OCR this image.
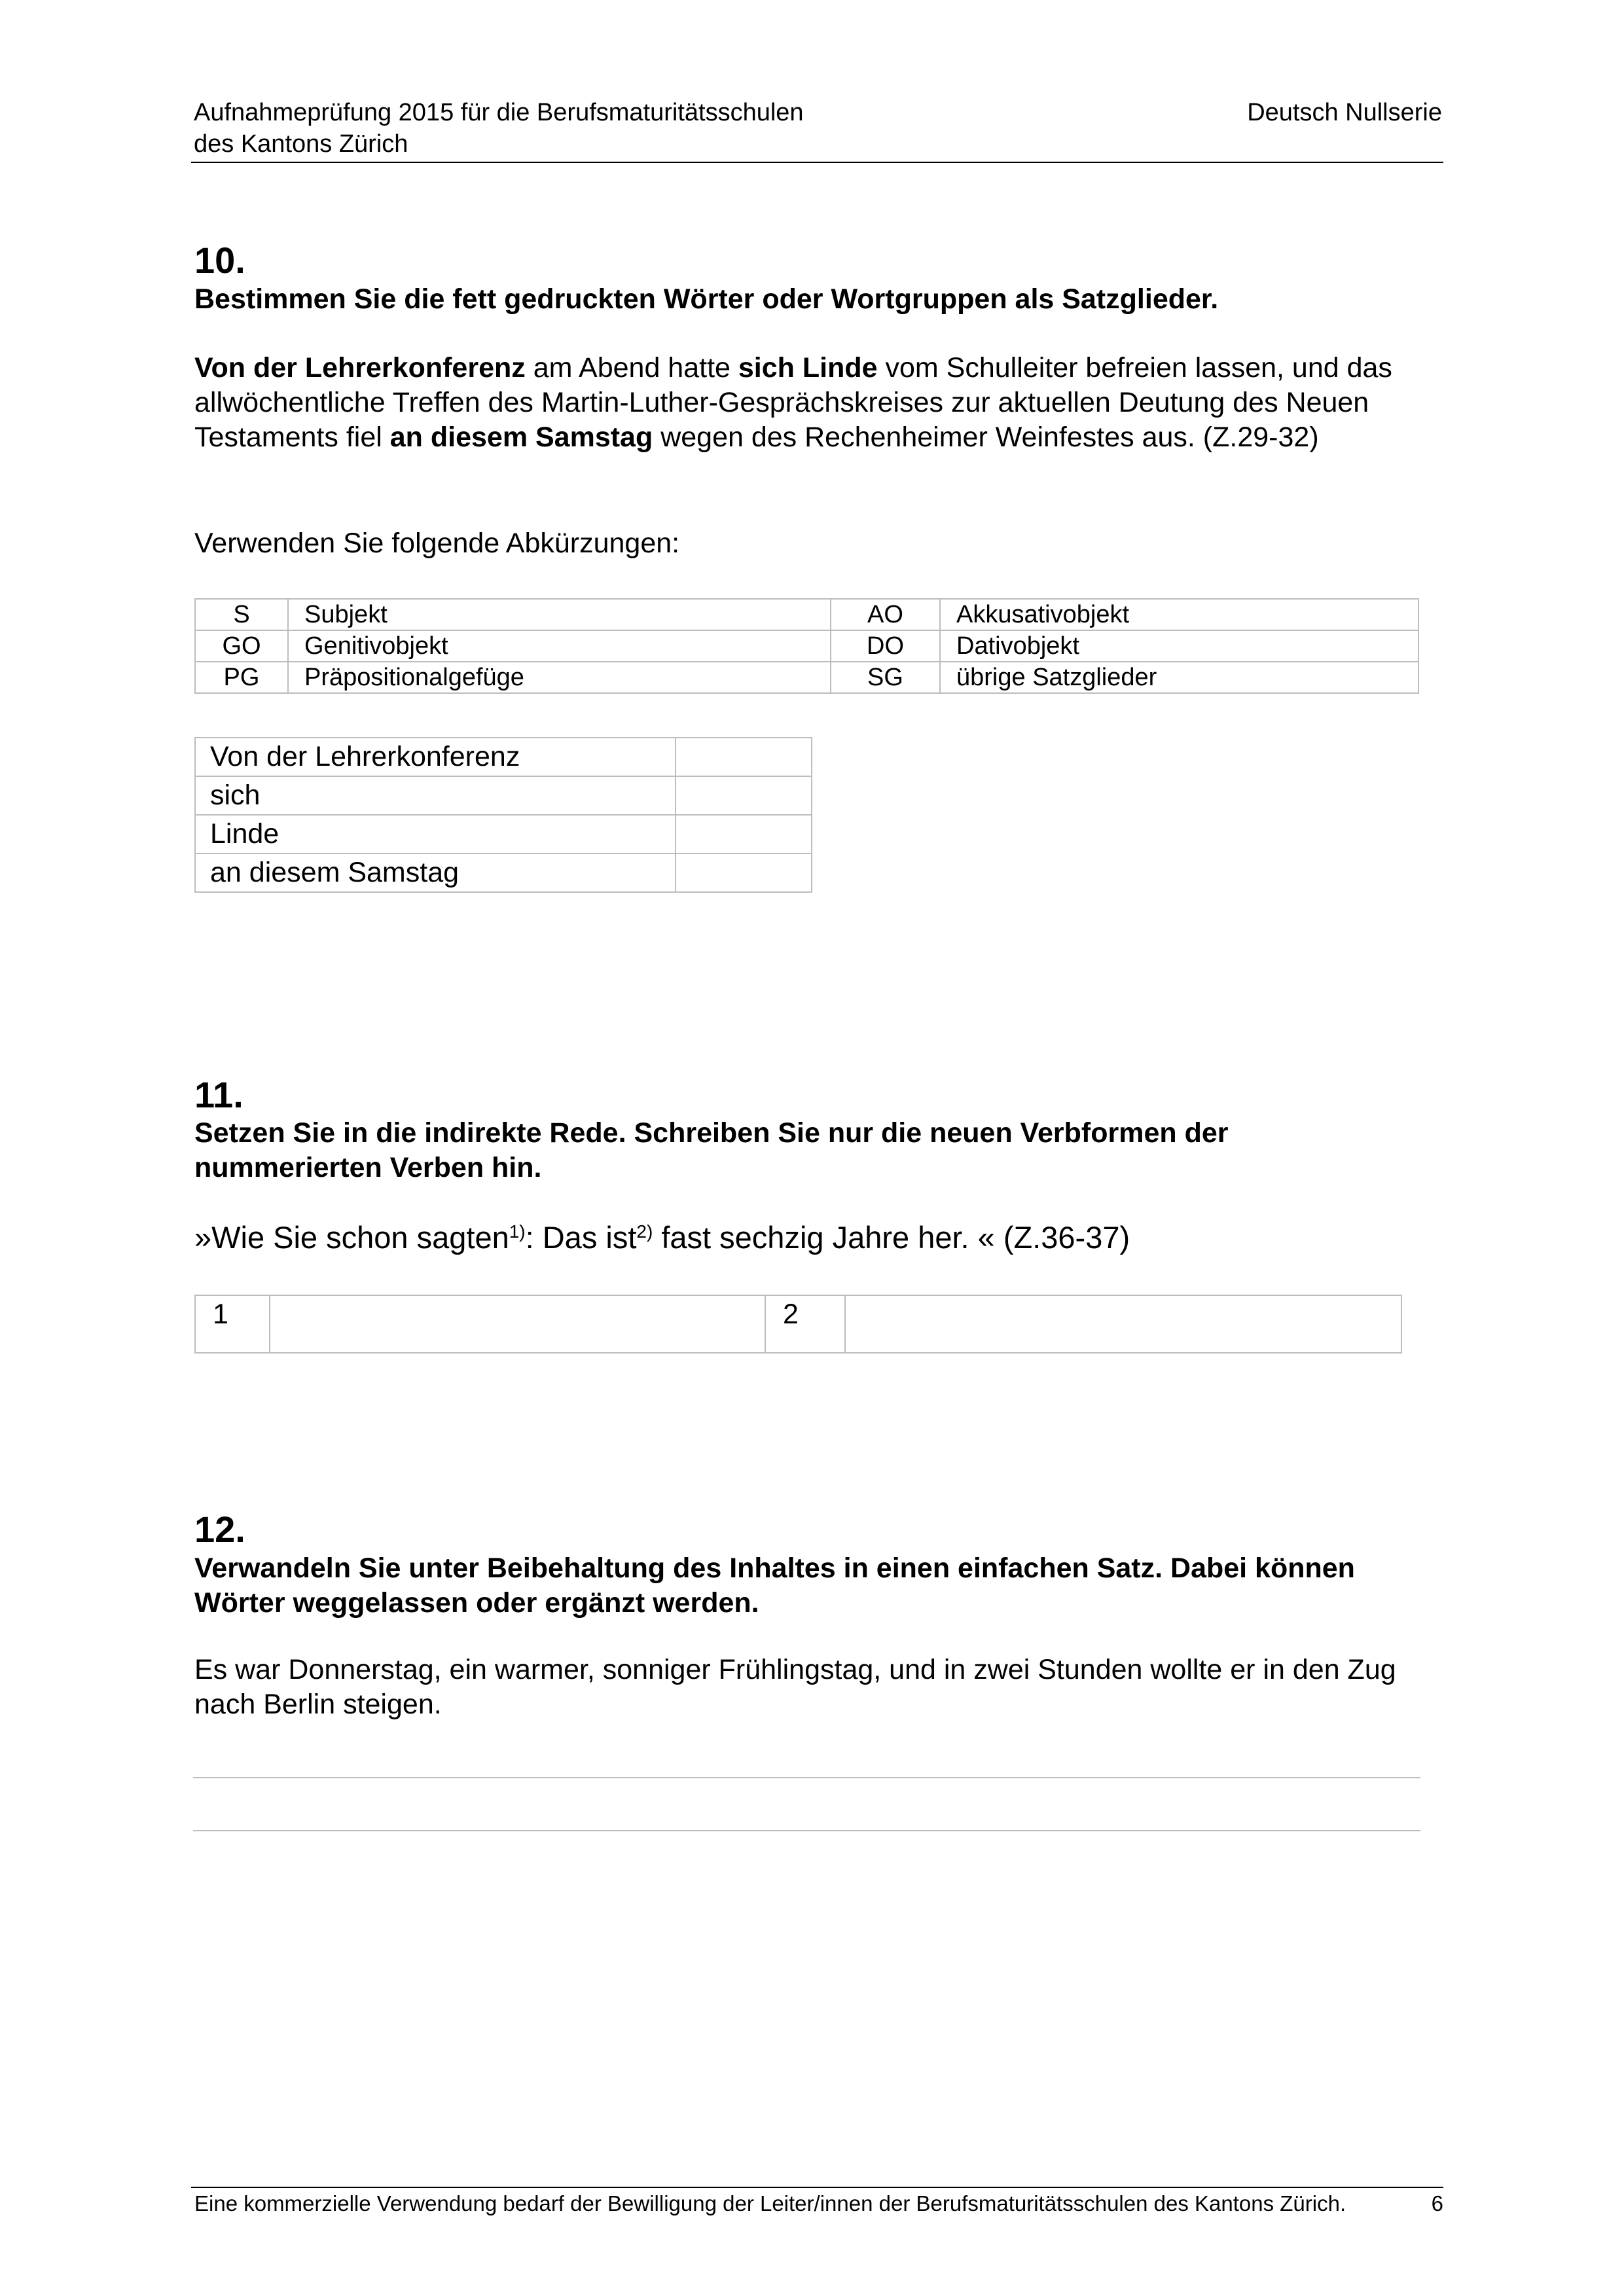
Aufnahmeprüfung 2015 für die Berufsmaturitätsschulen
des Kantons Zürich
Deutsch Nullserie
10.
Bestimmen Sie die fett gedruckten Wörter oder Wortgruppen als Satzglieder.
Von der Lehrerkonferenz am Abend hatte sich Linde vom Schulleiter befreien lassen, und das allwöchentliche Treffen des Martin-Luther-Gesprächskreises zur aktuellen Deutung des Neuen Testaments fiel an diesem Samstag wegen des Rechenheimer Weinfestes aus. (Z.29-32)
Verwenden Sie folgende Abkürzungen:
S	Subjekt	AO	Akkusativobjekt
GO	Genitivobjekt	DO	Dativobjekt
PG	Präpositionalgefüge	SG	übrige Satzglieder
Von der Lehrerkonferenz	
sich	
Linde	
an diesem Samstag	
11.
Setzen Sie in die indirekte Rede. Schreiben Sie nur die neuen Verbformen der nummerierten Verben hin.
»Wie Sie schon sagten$^{1)}$: Das ist$^{2)}$ fast sechzig Jahre her. « (Z.36-37)
1		2	
12.
Verwandeln Sie unter Beibehaltung des Inhaltes in einen einfachen Satz. Dabei können Wörter weggelassen oder ergänzt werden.
Es war Donnerstag, ein warmer, sonniger Frühlingstag, und in zwei Stunden wollte er in den Zug nach Berlin steigen.
Eine kommerzielle Verwendung bedarf der Bewilligung der Leiter/innen der Berufsmaturitätsschulen des Kantons Zürich.	6
